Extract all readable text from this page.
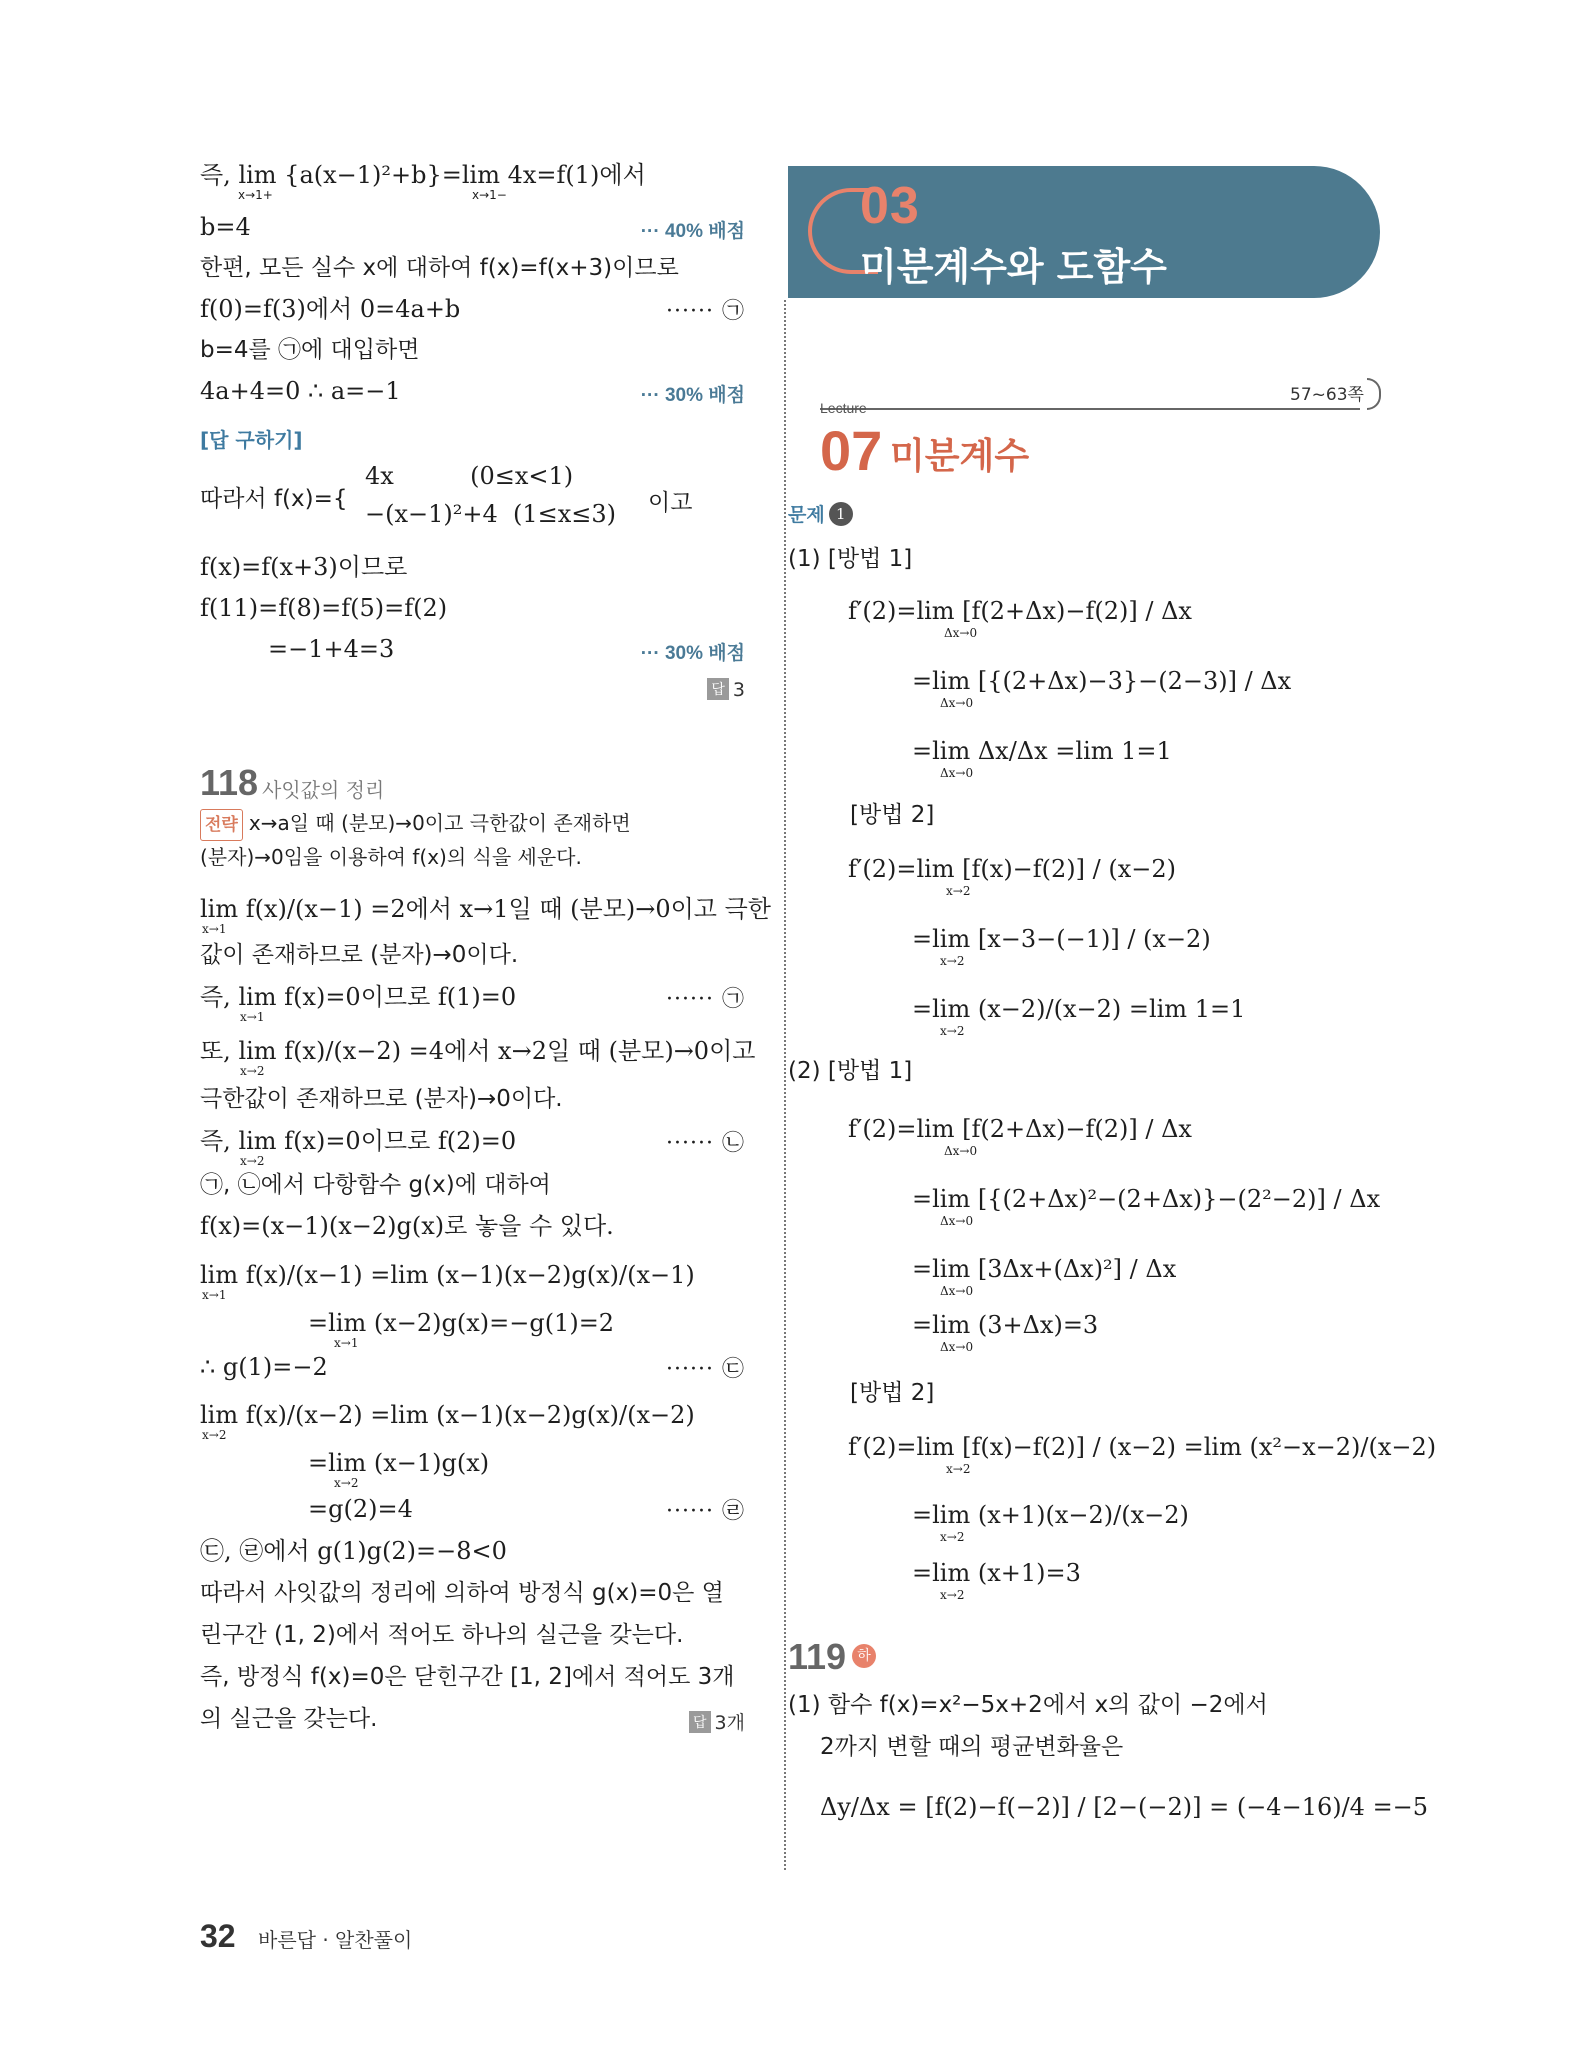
즉, lim {a(x−1)²+b}=lim 4x=f(1)에서
x→1+	x→1−
b=4	··· 40% 배점
한편, 모든 실수 x에 대하여 f(x)=f(x+3)이므로
f(0)=f(3)에서 0=4a+b	······ ㉠
b=4를 ㉠에 대입하면
4a+4=0 ∴ a=−1	··· 30% 배점
[답 구하기]
따라서 f(x)={
4x          (0≤x<1)
−(x−1)²+4  (1≤x≤3) 이고
f(x)=f(x+3)이므로
f(11)=f(8)=f(5)=f(2)
=−1+4=3	··· 30% 배점
답 3
118 사잇값의 정리
전략 x→a일 때 (분모)→0이고 극한값이 존재하면
(분자)→0임을 이용하여 f(x)의 식을 세운다.
lim f(x)/(x−1) =2에서 x→1일 때 (분모)→0이고 극한
x→1
값이 존재하므로 (분자)→0이다.
즉, lim f(x)=0이므로 f(1)=0
x→1
······ ㉠
또, lim f(x)/(x−2) =4에서 x→2일 때 (분모)→0이고
x→2
극한값이 존재하므로 (분자)→0이다.
즉, lim f(x)=0이므로 f(2)=0
x→2
······ ㉡
㉠, ㉡에서 다항함수 g(x)에 대하여
f(x)=(x−1)(x−2)g(x)로 놓을 수 있다.
lim f(x)/(x−1) =lim (x−1)(x−2)g(x)/(x−1)
x→1
=lim (x−2)g(x)=−g(1)=2
x→1
∴ g(1)=−2	······ ㉢
lim f(x)/(x−2) =lim (x−1)(x−2)g(x)/(x−2)
x→2
=lim (x−1)g(x)
x→2
=g(2)=4	······ ㉣
㉢, ㉣에서 g(1)g(2)=−8<0
따라서 사잇값의 정리에 의하여 방정식 g(x)=0은 열
린구간 (1, 2)에서 적어도 하나의 실근을 갖는다.
즉, 방정식 f(x)=0은 닫힌구간 [1, 2]에서 적어도 3개
의 실근을 갖는다.	답 3개
03
미분계수와 도함수
57~63쪽
Lecture
07 미분계수
문제 1
(1) [방법 1]
f′(2)=lim [f(2+Δx)−f(2)] / Δx
Δx→0
=lim [{(2+Δx)−3}−(2−3)] / Δx
Δx→0
=lim Δx/Δx =lim 1=1
Δx→0
[방법 2]
f′(2)=lim [f(x)−f(2)] / (x−2)
x→2
=lim [x−3−(−1)] / (x−2)
x→2
=lim (x−2)/(x−2) =lim 1=1
x→2
(2) [방법 1]
f′(2)=lim [f(2+Δx)−f(2)] / Δx
Δx→0
=lim [{(2+Δx)²−(2+Δx)}−(2²−2)] / Δx
Δx→0
=lim [3Δx+(Δx)²] / Δx
Δx→0
=lim (3+Δx)=3
Δx→0
[방법 2]
f′(2)=lim [f(x)−f(2)] / (x−2) =lim (x²−x−2)/(x−2)
x→2
=lim (x+1)(x−2)/(x−2)
x→2
=lim (x+1)=3
x→2
119 하
(1) 함수 f(x)=x²−5x+2에서 x의 값이 −2에서
2까지 변할 때의 평균변화율은
Δy/Δx = [f(2)−f(−2)] / [2−(−2)] = (−4−16)/4 =−5
32 바른답 · 알찬풀이
